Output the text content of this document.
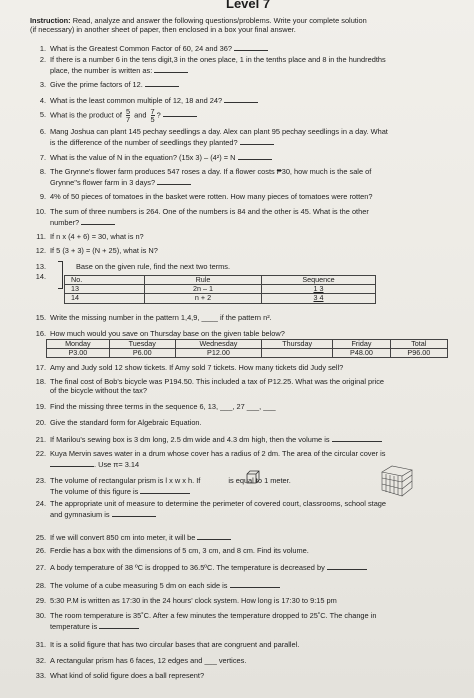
Level 7
Instruction: Read, analyze and answer the following questions/problems. Write your complete solution
(if necessary) in another sheet of paper, then enclosed in a box your final answer.
1. What is the Greatest Common Factor of 60, 24 and 36?
2. If there is a number 6 in the tens digit,3 in the ones place, 1 in the tenths place and 8 in the hundredths
place, the number is written as:
3. Give the prime factors of 12.
4. What is the least common multiple of 12, 18 and 24?
5. What is the product of $\frac{5}{7}$ and $\frac{7}{5}$ ?
6. Mang Joshua can plant 145 pechay seedlings a day. Alex can plant 95 pechay seedlings in a day. What
is the difference of the number of seedlings they planted?
7. What is the value of N in the equation? (15x 3) – (4²) = N
8. The Grynne's flower farm produces 547 roses a day. If a flower costs ₱30, how much is the sale of
Grynne''s flower farm in 3 days?
9. 4% of 50 pieces of tomatoes in the basket were rotten. How many pieces of tomatoes were rotten?
10. The sum of three numbers is 264. One of the numbers is 84 and the other is 45. What is the other
number?
11. If n x (4 + 6) = 30, what is n?
12. If 5 (3 + 3) = (N + 25), what is N?
13.	Base on the given rule, find the next two terms.
14.	No.	Rule	Sequence
13	2n – 1	1 3
14	n + 2	3 4
15. Write the missing number in the pattern 1,4,9, ____ if the pattern n².
16. How much would you save on Thursday base on the given table below?
Monday	Tuesday	Wednesday	Thursday	Friday	Total
P3.00	P6.00	P12.00		P48.00	P96.00
17. Amy and Judy sold 12 show tickets. If Amy sold 7 tickets. How many tickets did Judy sell?
18. The final cost of Bob's bicycle was P194.50. This included a tax of P12.25. What was the original price
of the bicycle without the tax?
19. Find the missing three terms in the sequence 6, 13, ___, 27 ___, ___
20. Give the standard form for Algebraic Equation.
21. If Marilou's sewing box is 3 dm long, 2.5 dm wide and 4.3 dm high, then the volume is
22. Kuya Mervin saves water in a drum whose cover has a radius of 2 dm. The area of the circular cover is
. Use π= 3.14
23. The volume of rectangular prism is l x w x h. If	is equal to 1 meter.
The volume of this figure is
24. The appropriate unit of measure to determine the perimeter of covered court, classrooms, school stage
and gymnasium is
25. If we will convert 850 cm into meter, it will be
26. Ferdie has a box with the dimensions of 5 cm, 3 cm, and 8 cm. Find its volume.
27. A body temperature of 38 ºC is dropped to 36.5ºC. The temperature is decreased by
28. The volume of a cube measuring 5 dm on each side is
29. 5:30 P.M is written as 17:30 in the 24 hours' clock system. How long is 17:30 to 9:15 pm
30. The room temperature is 35˚C. After a few minutes the temperature dropped to 25˚C. The change in
temperature is
31. It is a solid figure that has two circular bases that are congruent and parallel.
32. A rectangular prism has 6 faces, 12 edges and ___ vertices.
33. What kind of solid figure does a ball represent?
